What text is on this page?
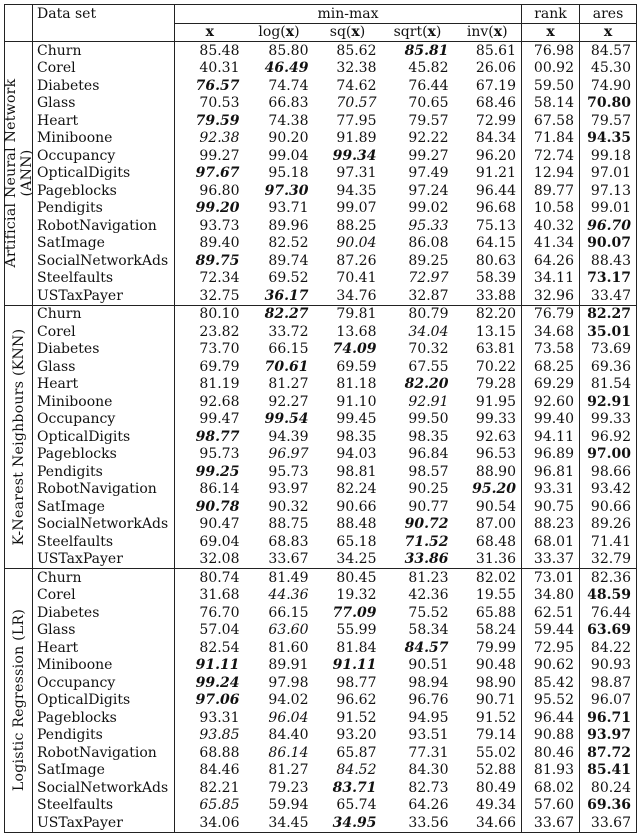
	Data set	min-max					rank	ares
		x	log(x)	sq(x)	sqrt(x)	inv(x)	x	x

Artificial Neural Network (ANN)	Churn	85.48	85.80	85.62	85.81	85.61	76.98	84.57
	Corel	40.31	46.49	32.38	45.82	26.06	00.92	45.30
	Diabetes	76.57	74.74	74.62	76.44	67.19	59.50	74.90
	Glass	70.53	66.83	70.57	70.65	68.46	58.14	70.80
	Heart	79.59	74.38	77.95	79.57	72.99	67.58	79.57
	Miniboone	92.38	90.20	91.89	92.22	84.34	71.84	94.35
	Occupancy	99.27	99.04	99.34	99.27	96.20	72.74	99.18
	OpticalDigits	97.67	95.18	97.31	97.49	91.21	12.94	97.01
	Pageblocks	96.80	97.30	94.35	97.24	96.44	89.77	97.13
	Pendigits	99.20	93.71	99.07	99.02	96.68	10.58	99.01
	RobotNavigation	93.73	89.96	88.25	95.33	75.13	40.32	96.70
	SatImage	89.40	82.52	90.04	86.08	64.15	41.34	90.07
	SocialNetworkAds	89.75	89.74	87.26	89.25	80.63	64.26	88.43
	Steelfaults	72.34	69.52	70.41	72.97	58.39	34.11	73.17
	USTaxPayer	32.75	36.17	34.76	32.87	33.88	32.96	33.47

K-Nearest Neighbours (KNN)	Churn	80.10	82.27	79.81	80.79	82.20	76.79	82.27
	Corel	23.82	33.72	13.68	34.04	13.15	34.68	35.01
	Diabetes	73.70	66.15	74.09	70.32	63.81	73.58	73.69
	Glass	69.79	70.61	69.59	67.55	70.22	68.25	69.36
	Heart	81.19	81.27	81.18	82.20	79.28	69.29	81.54
	Miniboone	92.68	92.27	91.10	92.91	91.95	92.60	92.91
	Occupancy	99.47	99.54	99.45	99.50	99.33	99.40	99.33
	OpticalDigits	98.77	94.39	98.35	98.35	92.63	94.11	96.92
	Pageblocks	95.73	96.97	94.03	96.84	96.53	96.89	97.00
	Pendigits	99.25	95.73	98.81	98.57	88.90	96.81	98.66
	RobotNavigation	86.14	93.97	82.24	90.25	95.20	93.31	93.42
	SatImage	90.78	90.32	90.66	90.77	90.54	90.75	90.66
	SocialNetworkAds	90.47	88.75	88.48	90.72	87.00	88.23	89.26
	Steelfaults	69.04	68.83	65.18	71.52	68.48	68.01	71.41
	USTaxPayer	32.08	33.67	34.25	33.86	31.36	33.37	32.79

Logistic Regression (LR)	Churn	80.74	81.49	80.45	81.23	82.02	73.01	82.36
	Corel	31.68	44.36	19.32	42.36	19.55	34.80	48.59
	Diabetes	76.70	66.15	77.09	75.52	65.88	62.51	76.44
	Glass	57.04	63.60	55.99	58.34	58.24	59.44	63.69
	Heart	82.54	81.60	81.84	84.57	79.99	72.95	84.22
	Miniboone	91.11	89.91	91.11	90.51	90.48	90.62	90.93
	Occupancy	99.24	97.98	98.77	98.94	98.90	85.42	98.87
	OpticalDigits	97.06	94.02	96.62	96.76	90.71	95.52	96.07
	Pageblocks	93.31	96.04	91.52	94.95	91.52	96.44	96.71
	Pendigits	93.85	84.40	93.20	93.51	79.14	90.88	93.97
	RobotNavigation	68.88	86.14	65.87	77.31	55.02	80.46	87.72
	SatImage	84.46	81.27	84.52	84.30	52.88	81.93	85.41
	SocialNetworkAds	82.21	79.23	83.71	82.73	80.49	68.02	80.24
	Steelfaults	65.85	59.94	65.74	64.26	49.34	57.60	69.36
	USTaxPayer	34.06	34.45	34.95	33.56	34.66	33.67	33.67
